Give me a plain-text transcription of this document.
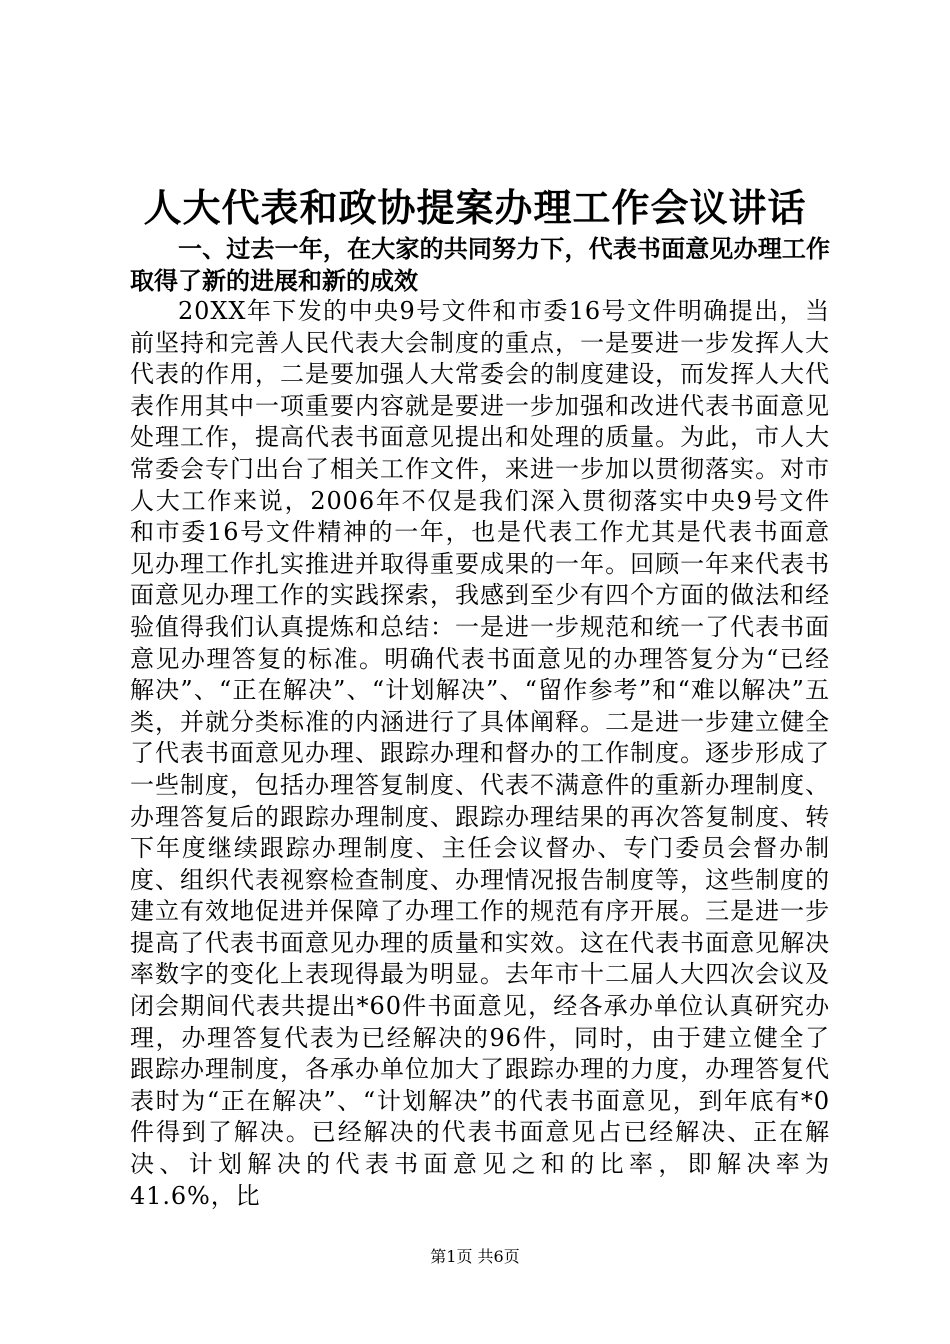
人大代表和政协提案办理工作会议讲话

一、过去一年，在大家的共同努力下，代表书面意见办理工作取得了新的进展和新的成效

20XX年下发的中央9号文件和市委16号文件明确提出，当前坚持和完善人民代表大会制度的重点，一是要进一步发挥人大代表的作用，二是要加强人大常委会的制度建设，而发挥人大代表作用其中一项重要内容就是要进一步加强和改进代表书面意见处理工作，提高代表书面意见提出和处理的质量。为此，市人大常委会专门出台了相关工作文件，来进一步加以贯彻落实。对市人大工作来说，2006年不仅是我们深入贯彻落实中央9号文件和市委16号文件精神的一年，也是代表工作尤其是代表书面意见办理工作扎实推进并取得重要成果的一年。回顾一年来代表书面意见办理工作的实践探索，我感到至少有四个方面的做法和经验值得我们认真提炼和总结：一是进一步规范和统一了代表书面意见办理答复的标准。明确代表书面意见的办理答复分为“已经解决”、“正在解决”、“计划解决”、“留作参考”和“难以解决”五类，并就分类标准的内涵进行了具体阐释。二是进一步建立健全了代表书面意见办理、跟踪办理和督办的工作制度。逐步形成了一些制度，包括办理答复制度、代表不满意件的重新办理制度、办理答复后的跟踪办理制度、跟踪办理结果的再次答复制度、转下年度继续跟踪办理制度、主任会议督办、专门委员会督办制度、组织代表视察检查制度、办理情况报告制度等，这些制度的建立有效地促进并保障了办理工作的规范有序开展。三是进一步提高了代表书面意见办理的质量和实效。这在代表书面意见解决率数字的变化上表现得最为明显。去年市十二届人大四次会议及闭会期间代表共提出*60件书面意见，经各承办单位认真研究办理，办理答复代表为已经解决的96件，同时，由于建立健全了跟踪办理制度，各承办单位加大了跟踪办理的力度，办理答复代表时为“正在解决”、“计划解决”的代表书面意见，到年底有*0件得到了解决。已经解决的代表书面意见占已经解决、正在解决、计划解决的代表书面意见之和的比率，即解决率为41.6%，比

第1页 共6页
